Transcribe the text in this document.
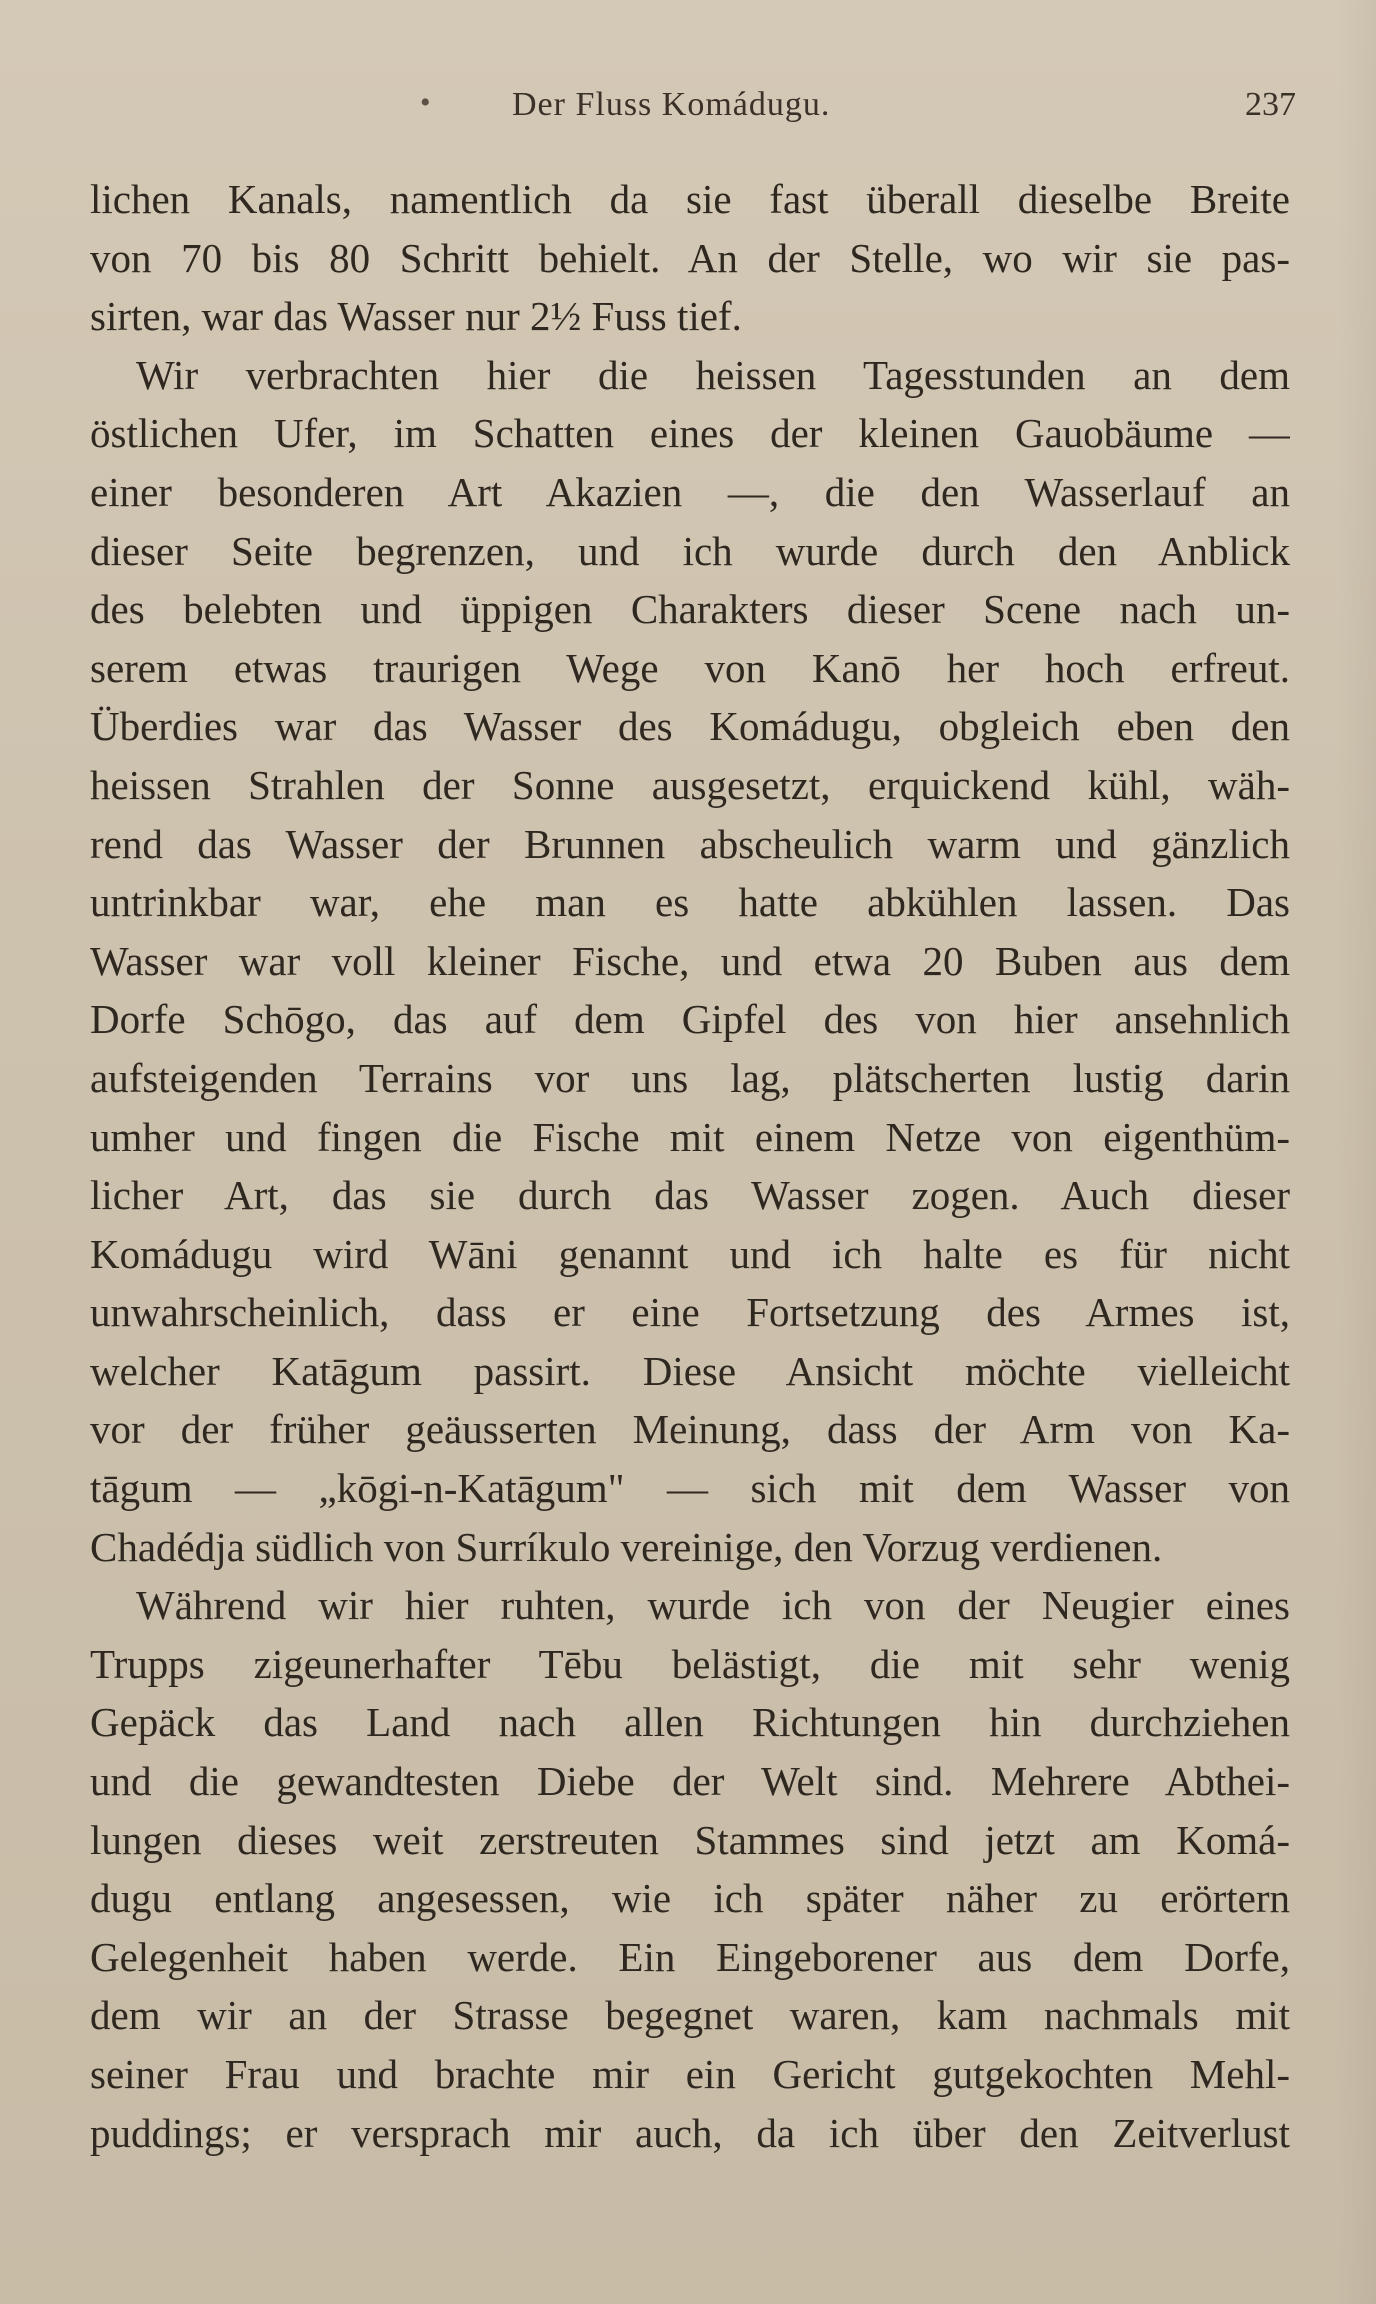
• Der Fluss Komádugu.	237
lichen Kanals, namentlich da sie fast überall dieselbe Breite
von 70 bis 80 Schritt behielt. An der Stelle, wo wir sie pas-
sirten, war das Wasser nur 2½ Fuss tief.
Wir verbrachten hier die heissen Tagesstunden an dem
östlichen Ufer, im Schatten eines der kleinen Gauobäume —
einer besonderen Art Akazien —, die den Wasserlauf an
dieser Seite begrenzen, und ich wurde durch den Anblick
des belebten und üppigen Charakters dieser Scene nach un-
serem etwas traurigen Wege von Kanō her hoch erfreut.
Überdies war das Wasser des Komádugu, obgleich eben den
heissen Strahlen der Sonne ausgesetzt, erquickend kühl, wäh-
rend das Wasser der Brunnen abscheulich warm und gänzlich
untrinkbar war, ehe man es hatte abkühlen lassen. Das
Wasser war voll kleiner Fische, und etwa 20 Buben aus dem
Dorfe Schōgo, das auf dem Gipfel des von hier ansehnlich
aufsteigenden Terrains vor uns lag, plätscherten lustig darin
umher und fingen die Fische mit einem Netze von eigenthüm-
licher Art, das sie durch das Wasser zogen. Auch dieser
Komádugu wird Wāni genannt und ich halte es für nicht
unwahrscheinlich, dass er eine Fortsetzung des Armes ist,
welcher Katāgum passirt. Diese Ansicht möchte vielleicht
vor der früher geäusserten Meinung, dass der Arm von Ka-
tāgum — „kōgi-n-Katāgum" — sich mit dem Wasser von
Chadédja südlich von Surríkulo vereinige, den Vorzug verdienen.
Während wir hier ruhten, wurde ich von der Neugier eines
Trupps zigeunerhafter Tēbu belästigt, die mit sehr wenig
Gepäck das Land nach allen Richtungen hin durchziehen
und die gewandtesten Diebe der Welt sind. Mehrere Abthei-
lungen dieses weit zerstreuten Stammes sind jetzt am Komá-
dugu entlang angesessen, wie ich später näher zu erörtern
Gelegenheit haben werde. Ein Eingeborener aus dem Dorfe,
dem wir an der Strasse begegnet waren, kam nachmals mit
seiner Frau und brachte mir ein Gericht gutgekochten Mehl-
puddings; er versprach mir auch, da ich über den Zeitverlust
